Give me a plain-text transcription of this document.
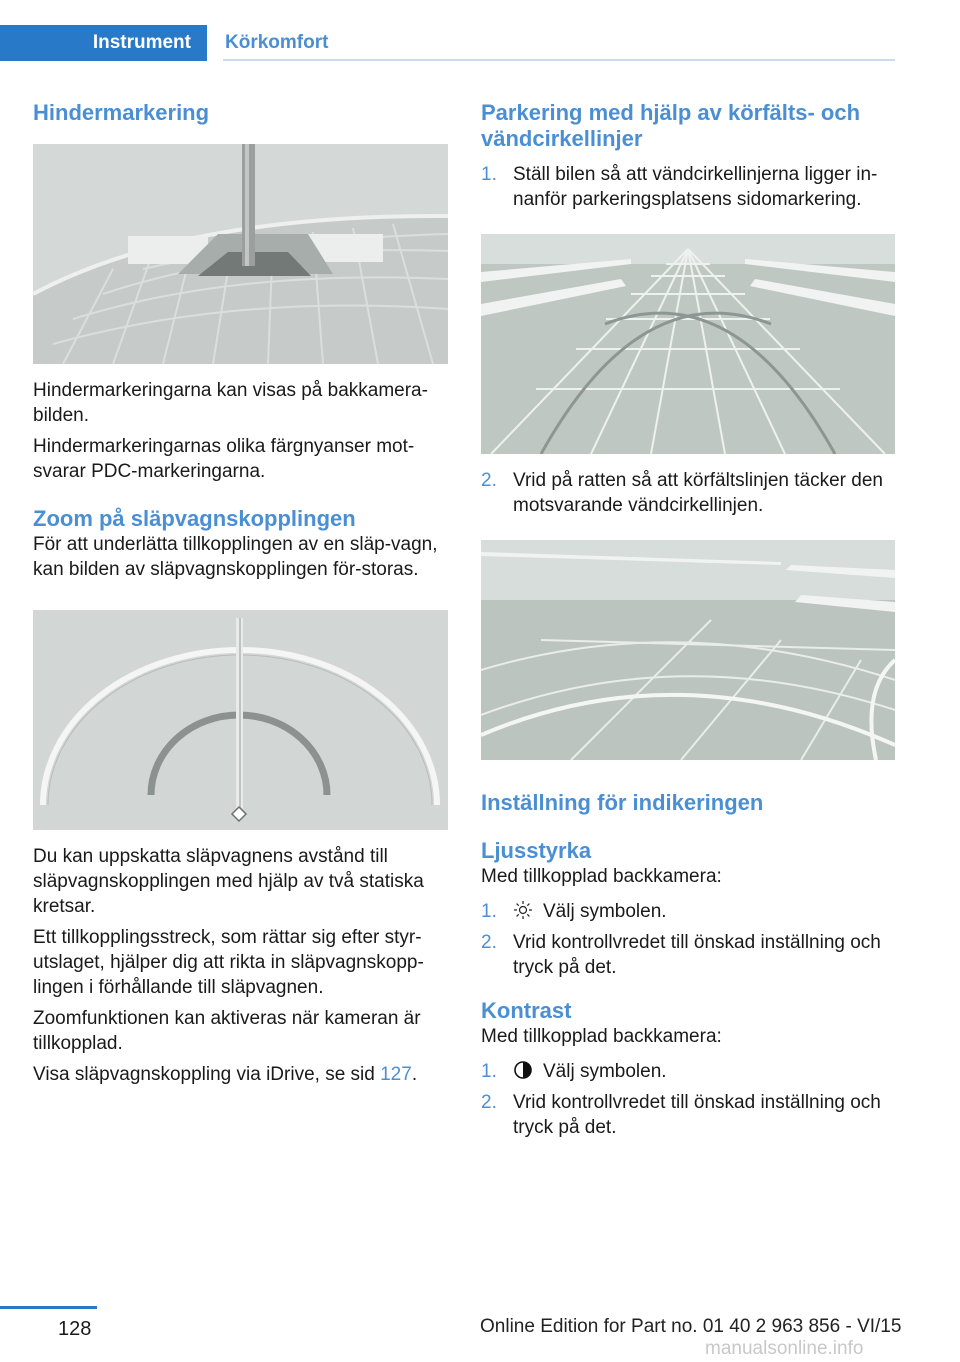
Instrument	Körkomfort
Hindermarkering

Hindermarkeringarna kan visas på bakkamera-bilden.

Hindermarkeringarnas olika färgnyanser mot-svarar PDC-markeringarna.

Zoom på släpvagnskopplingen

För att underlätta tillkopplingen av en släp-vagn, kan bilden av släpvagnskopplingen för-storas.

Du kan uppskatta släpvagnens avstånd till släpvagnskopplingen med hjälp av två statiska kretsar.

Ett tillkopplingsstreck, som rättar sig efter styr-utslaget, hjälper dig att rikta in släpvagnskopp-lingen i förhållande till släpvagnen.

Zoomfunktionen kan aktiveras när kameran är tillkopplad.

Visa släpvagnskoppling via iDrive, se sid 127.

Parkering med hjälp av körfälts- och vändcirkellinjer
1. Ställ bilen så att vändcirkellinjerna ligger in-nanför parkeringsplatsens sidomarkering.
2. Vrid på ratten så att körfältslinjen täcker den motsvarande vändcirkellinjen.
Inställning för indikeringen
Ljusstyrka

Med tillkopplad backkamera:

1. Välj symbolen.
2. Vrid kontrollvredet till önskad inställning och tryck på det.
Kontrast

Med tillkopplad backkamera:

1. Välj symbolen.
2. Vrid kontrollvredet till önskad inställning och tryck på det.
128	Online Edition for Part no. 01 40 2 963 856 - VI/15
manualsonline.info
